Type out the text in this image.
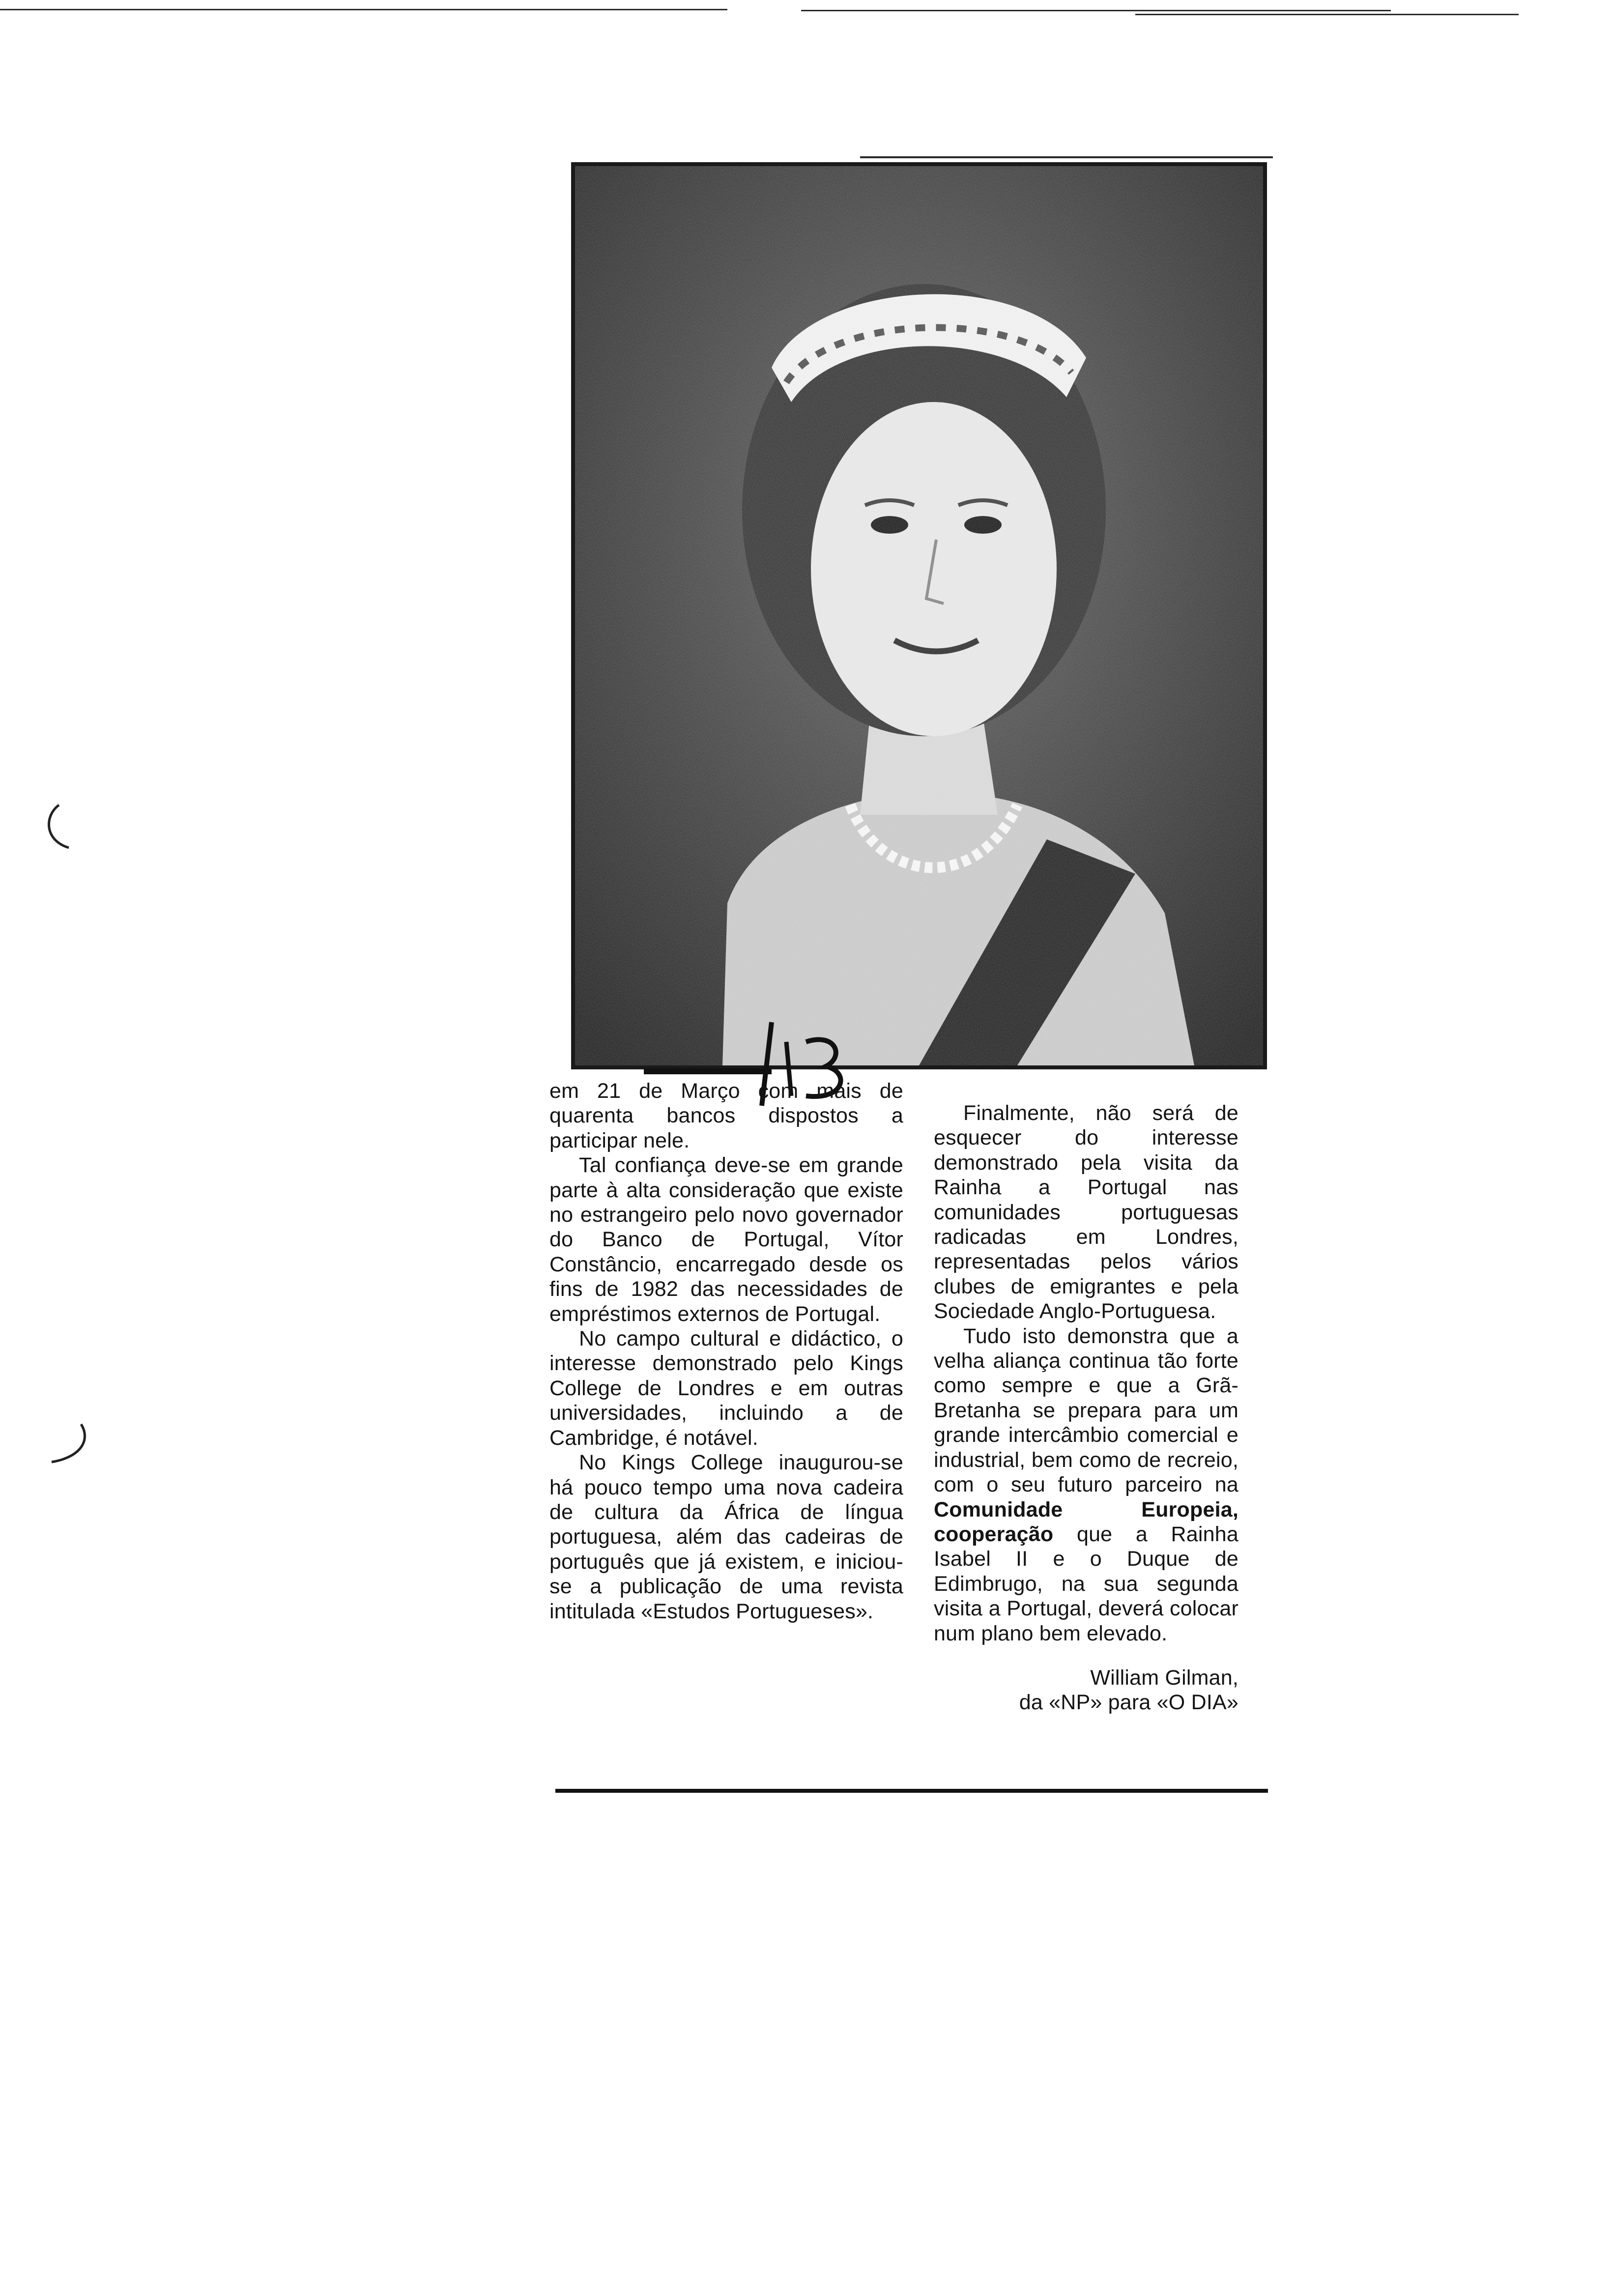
em 21 de Março com mais de quarenta bancos dispostos a participar nele.

Tal confiança deve-se em grande parte à alta consideração que existe no estrangeiro pelo novo governador do Banco de Portugal, Vítor Constâncio, encarregado desde os fins de 1982 das necessidades de empréstimos externos de Portugal.

No campo cultural e didáctico, o interesse demonstrado pelo Kings College de Londres e em outras universidades, incluindo a de Cambridge, é notável.

No Kings College inaugurou-se há pouco tempo uma nova cadeira de cultura da África de língua portuguesa, além das cadeiras de português que já existem, e iniciou-se a publicação de uma revista intitulada «Estudos Portugueses».

Finalmente, não será de esquecer do interesse demonstrado pela visita da Rainha a Portugal nas comunidades portuguesas radicadas em Londres, representadas pelos vários clubes de emigrantes e pela Sociedade Anglo-Portuguesa.

Tudo isto demonstra que a velha aliança continua tão forte como sempre e que a Grã-Bretanha se prepara para um grande intercâmbio comercial e industrial, bem como de recreio, com o seu futuro parceiro na Comunidade Europeia, cooperação que a Rainha Isabel II e o Duque de Edimbrugo, na sua segunda visita a Portugal, deverá colocar num plano bem elevado.

William Gilman,

da «NP» para «O DIA»
